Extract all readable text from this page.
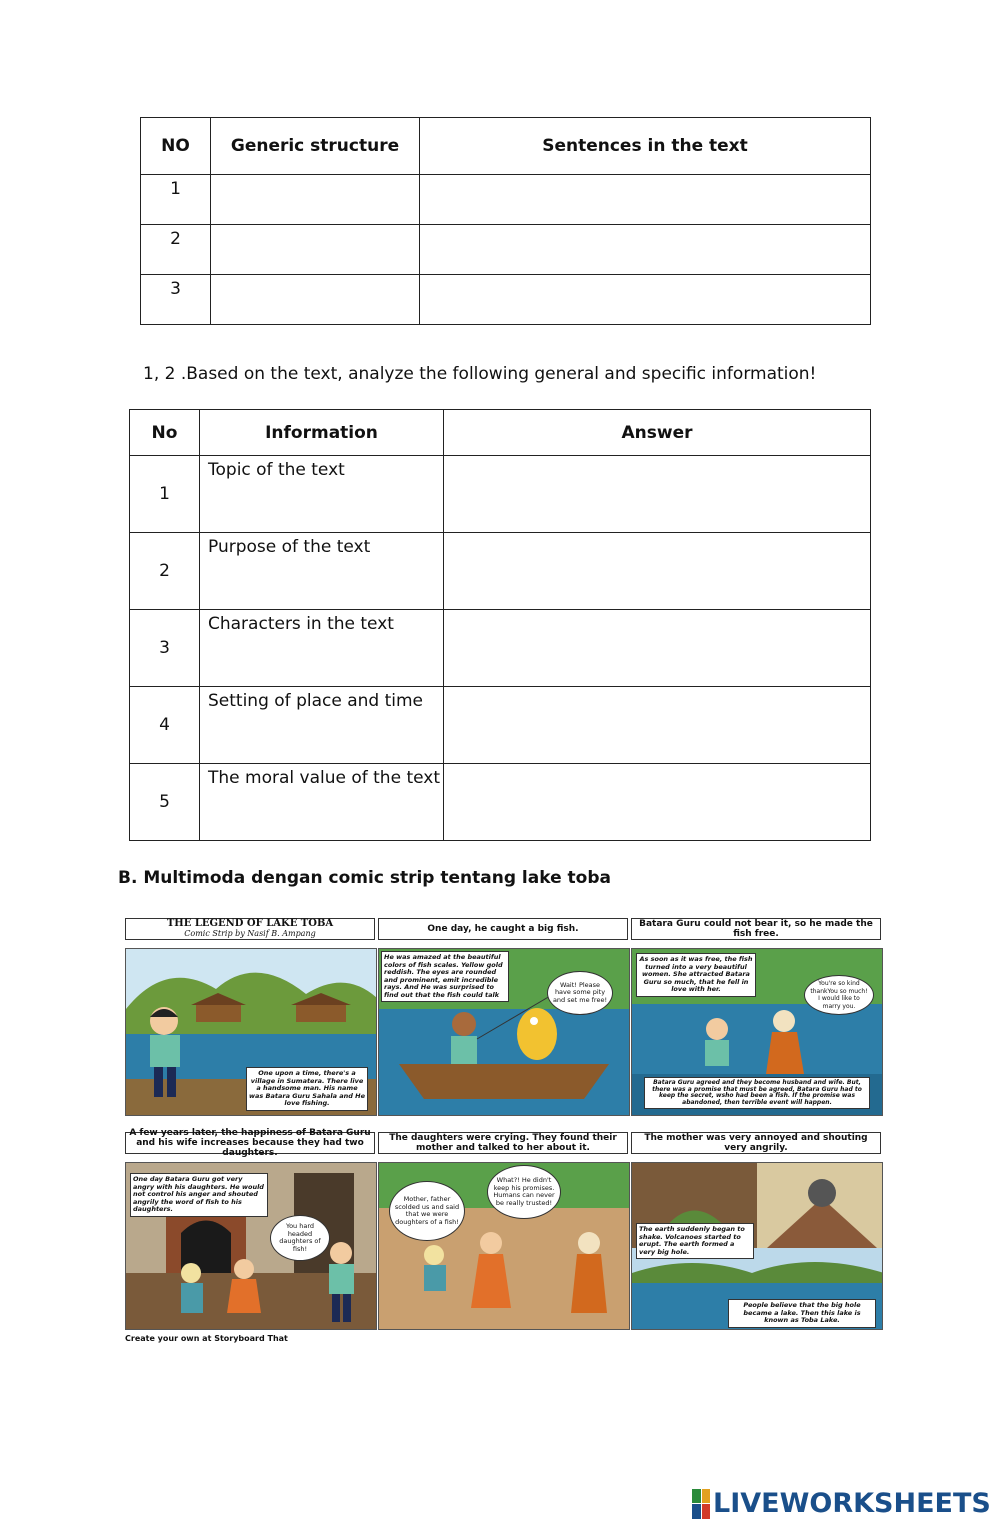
NO	Generic structure	Sentences in the text
1		
2		
3		
1, 2 .Based on the text, analyze the following general and specific information!
No	Information	Answer
1	Topic of the text	
2	Purpose of the text	
3	Characters in the text	
4	Setting of place and time	
5	The moral value of the text	
B. Multimoda dengan comic strip tentang lake toba
THE LEGEND OF LAKE TOBA
Comic Strip by Nasif B. Ampang
One upon a time, there's a village in Sumatera. There live a handsome man. His name was Batara Guru Sahala and He love fishing.
One day, he caught a big fish.
He was amazed at the beautiful colors of fish scales. Yellow gold reddish. The eyes are rounded and prominent, emit incredible rays. And He was surprised to find out that the fish could talk
Wait! Please have some pity and set me free!
Batara Guru could not bear it, so he made the fish free.
As soon as it was free, the fish turned into a very beautiful women. She attracted Batara Guru so much, that he fell in love with her.
You're so kind thankYou so much! I would like to marry you.
Batara Guru agreed and they become husband and wife. But, there was a promise that must be agreed, Batara Guru had to keep the secret, wsho had been a fish. If the promise was abandoned, then terrible event will happen.
A few years later, the happiness of Batara Guru and his wife increases because they had two daughters.
One day Batara Guru got very angry with his daughters. He would not control his anger and shouted angrily the word of fish to his daughters.
You hard headed daughters of fish!
The daughters were crying. They found their mother and talked to her about it.
Mother, father scolded us and said that we were doughters of a fish!
What?! He didn't keep his promises. Humans can never be really trusted!
The mother was very annoyed and shouting very angrily.
The earth suddenly began to shake. Volcanoes started to erupt. The earth formed a very big hole.
People believe that the big hole became a lake. Then this lake is known as Toba Lake.
Create your own at Storyboard That
LIVEWORKSHEETS
